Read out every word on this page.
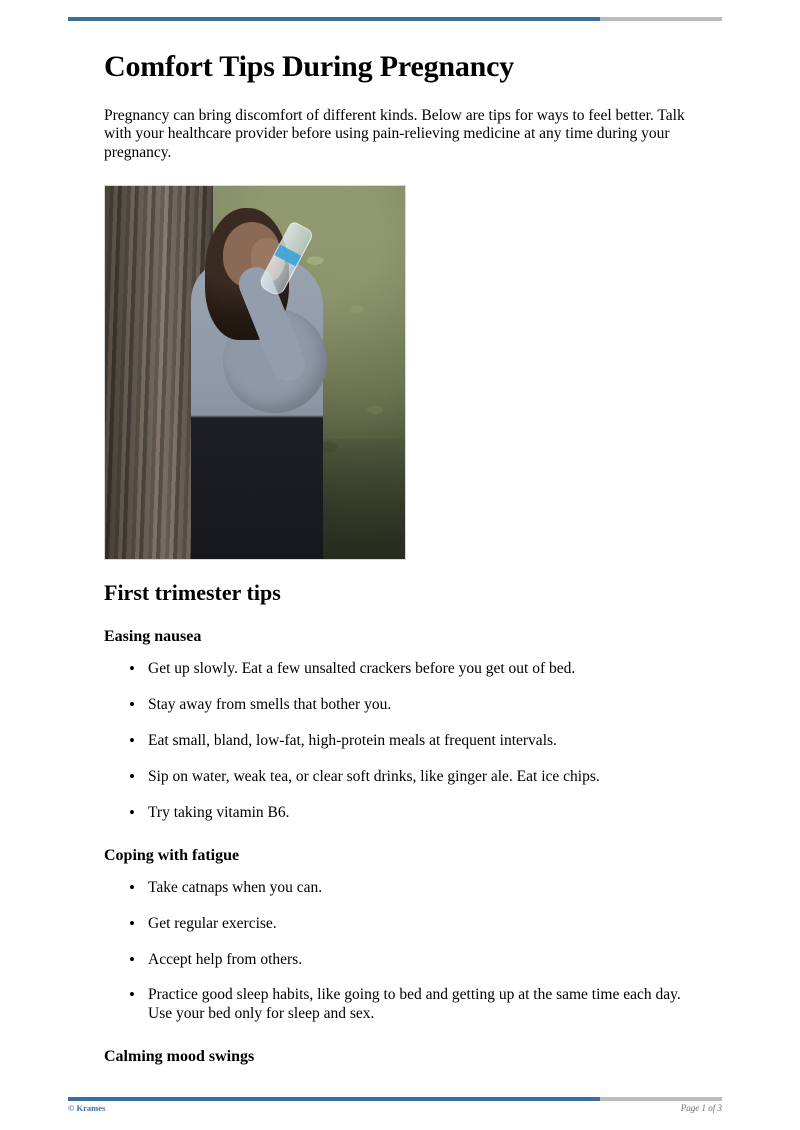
Comfort Tips During Pregnancy

Pregnancy can bring discomfort of different kinds. Below are tips for ways to feel better. Talk with your healthcare provider before using pain-relieving medicine at any time during your pregnancy.

First trimester tips
Easing nausea
• Get up slowly. Eat a few unsalted crackers before you get out of bed.
• Stay away from smells that bother you.
• Eat small, bland, low-fat, high-protein meals at frequent intervals.
• Sip on water, weak tea, or clear soft drinks, like ginger ale. Eat ice chips.
• Try taking vitamin B6.
Coping with fatigue
• Take catnaps when you can.
• Get regular exercise.
• Accept help from others.
• Practice good sleep habits, like going to bed and getting up at the same time each day. Use your bed only for sleep and sex.
Calming mood swings
© Krames	Page 1 of 3
